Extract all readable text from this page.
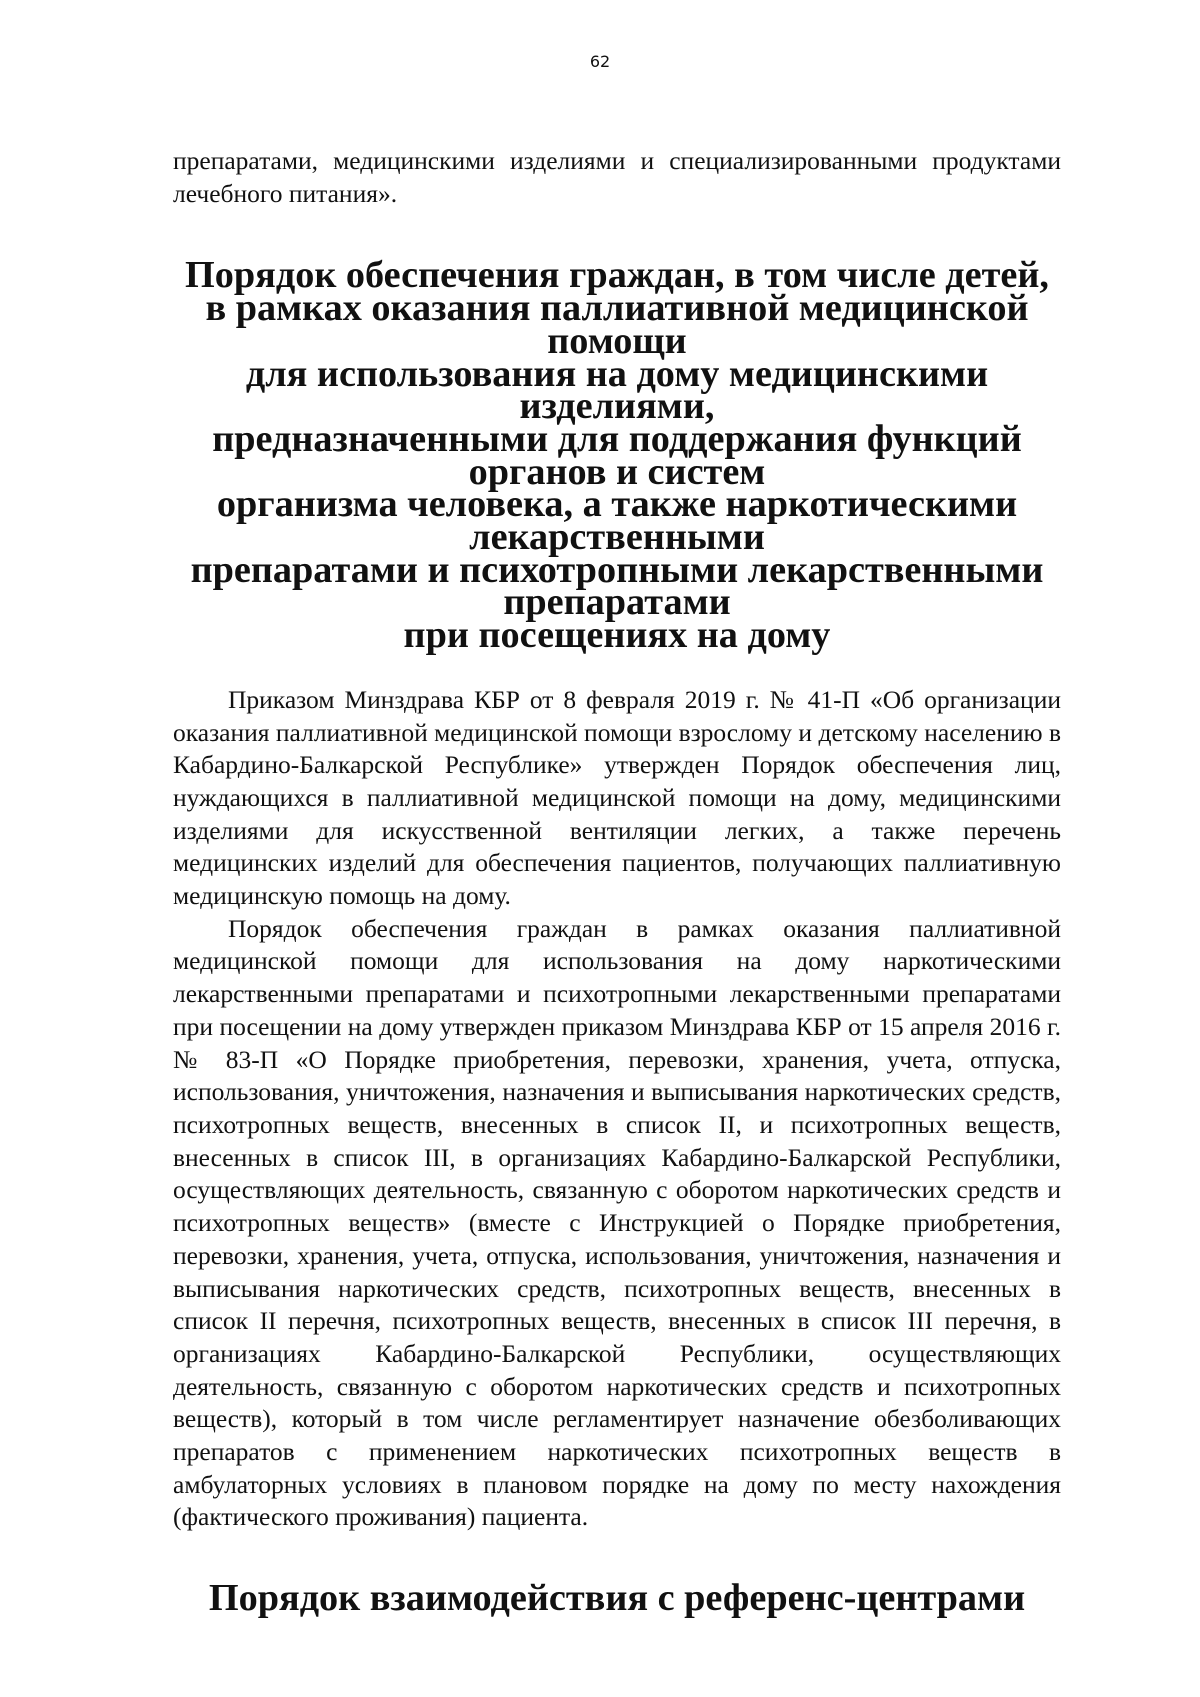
62

препаратами, медицинскими изделиями и специализированными продуктами лечебного питания».

Порядок обеспечения граждан, в том числе детей,
в рамках оказания паллиативной медицинской помощи
для использования на дому медицинскими изделиями,
предназначенными для поддержания функций органов и систем
организма человека, а также наркотическими лекарственными
препаратами и психотропными лекарственными препаратами
при посещениях на дому

Приказом Минздрава КБР от 8 февраля 2019 г. № 41-П «Об организации оказания паллиативной медицинской помощи взрослому и детскому населению в Кабардино-Балкарской Республике» утвержден Порядок обеспечения лиц, нуждающихся в паллиативной медицинской помощи на дому, медицинскими изделиями для искусственной вентиляции легких, а также перечень медицинских изделий для обеспечения пациентов, получающих паллиативную медицинскую помощь на дому.

Порядок обеспечения граждан в рамках оказания паллиативной медицинской помощи для использования на дому наркотическими лекарственными препаратами и психотропными лекарственными препаратами при посещении на дому утвержден приказом Минздрава КБР от 15 апреля 2016 г. № 83-П «О Порядке приобретения, перевозки, хранения, учета, отпуска, использования, уничтожения, назначения и выписывания наркотических средств, психотропных веществ, внесенных в список II, и психотропных веществ, внесенных в список III, в организациях Кабардино-Балкарской Республики, осуществляющих деятельность, связанную с оборотом наркотических средств и психотропных веществ» (вместе с Инструкцией о Порядке приобретения, перевозки, хранения, учета, отпуска, использования, уничтожения, назначения и выписывания наркотических средств, психотропных веществ, внесенных в список II перечня, психотропных веществ, внесенных в список III перечня, в организациях Кабардино-Балкарской Республики, осуществляющих деятельность, связанную с оборотом наркотических средств и психотропных веществ), который в том числе регламентирует назначение обезболивающих препаратов с применением наркотических психотропных веществ в амбулаторных условиях в плановом порядке на дому по месту нахождения (фактического проживания) пациента.

Порядок взаимодействия с референс-центрами
